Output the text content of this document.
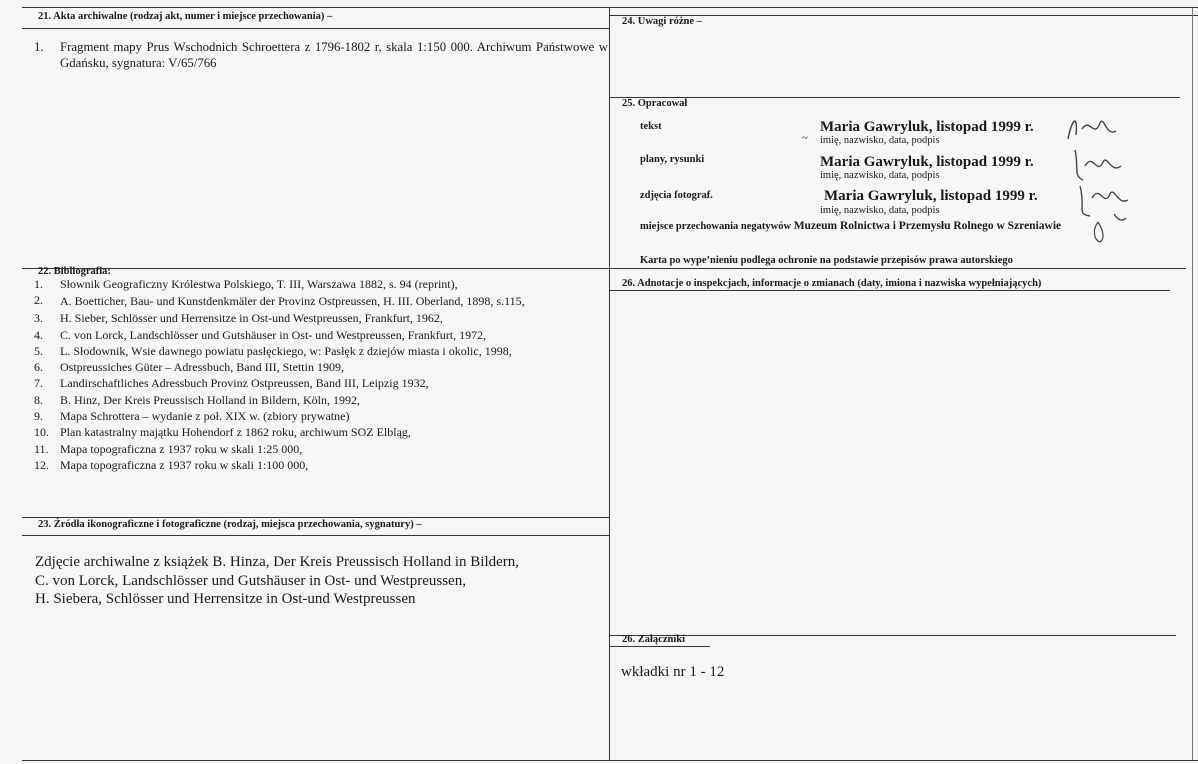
21. Akta archiwalne (rodzaj akt, numer i miejsce przechowania) –
1.	Fragment mapy Prus Wschodnich Schroettera z 1796-1802 r, skala 1:150 000. Archiwum Państwowe w Gdańsku, sygnatura: V/65/766
24. Uwagi różne –
25. Opracował
tekst	Maria Gawryluk, listopad 1999 r.
imię, nazwisko, data, podpis
~
plany, rysunki	Maria Gawryluk, listopad 1999 r.
imię, nazwisko, data, podpis
zdjęcia fotograf.	Maria Gawryluk, listopad 1999 r.
imię, nazwisko, data, podpis
miejsce przechowania negatywów Muzeum Rolnictwa i Przemysłu Rolnego w Szreniawie
Karta po wypeʼnieniu podlega ochronie na podstawie przepisów prawa autorskiego
22. Bibliografia:
1.	Słownik Geograficzny Królestwa Polskiego, T. III, Warszawa 1882, s. 94 (reprint),
2.	A. Boetticher, Bau- und Kunstdenkmäler der Provinz Ostpreussen, H. III. Oberland, 1898, s.115,
3.	H. Sieber, Schlösser und Herrensitze in Ost-und Westpreussen, Frankfurt, 1962,
4.	C. von Lorck, Landschlösser und Gutshäuser in Ost- und Westpreussen, Frankfurt, 1972,
5.	L. Słodownik, Wsie dawnego powiatu pasłęckiego, w: Pasłęk z dziejów miasta i okolic, 1998,
6.	Ostpreussiches Güter – Adressbuch, Band III, Stettin 1909,
7.	Landirschaftliches Adressbuch Provinz Ostpreussen, Band III, Leipzig 1932,
8.	B. Hinz, Der Kreis Preussisch Holland in Bildern, Köln, 1992,
9.	Mapa Schrottera – wydanie z poł. XIX w. (zbiory prywatne)
10. Plan katastralny majątku Hohendorf z 1862 roku, archiwum SOZ Elbląg,
11. Mapa topograficzna z 1937 roku w skali 1:25 000,
12. Mapa topograficzna z 1937 roku w skali 1:100 000,
26. Adnotacje o inspekcjach, informacje o zmianach (daty, imiona i nazwiska wypełniających)
23. Źródła ikonograficzne i fotograficzne (rodzaj, miejsca przechowania, sygnatury) –
Zdjęcie archiwalne z książek B. Hinza, Der Kreis Preussisch Holland in Bildern,
C. von Lorck, Landschlösser und Gutshäuser in Ost- und Westpreussen,
H. Siebera, Schlösser und Herrensitze in Ost-und Westpreussen
26. Załączniki
wkładki nr 1 - 12
